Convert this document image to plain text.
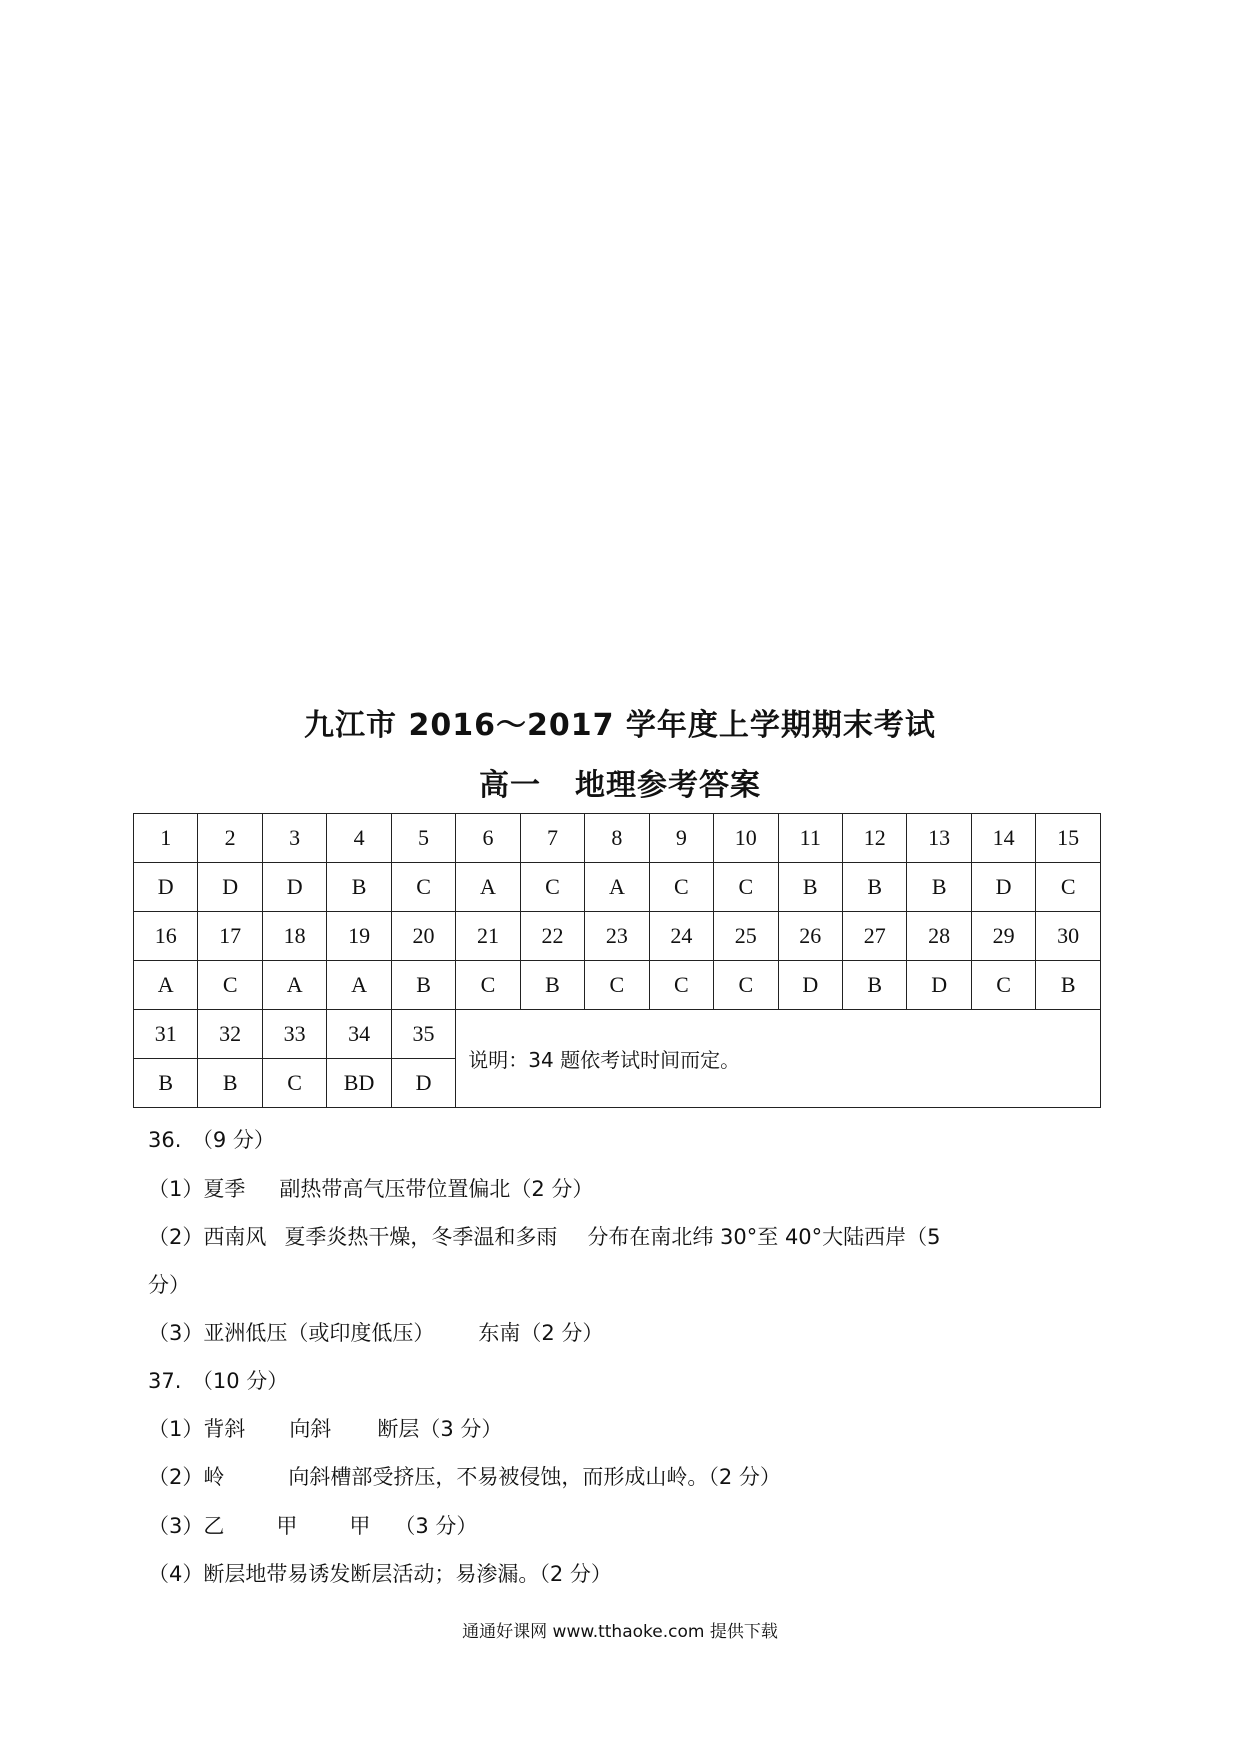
九江市 2016～2017 学年度上学期期末考试
高一 地理参考答案
1	2	3	4	5	6	7	8	9	10	11	12	13	14	15
D	D	D	B	C	A	C	A	C	C	B	B	B	D	C
16	17	18	19	20	21	22	23	24	25	26	27	28	29	30
A	C	A	A	B	C	B	C	C	C	D	B	D	C	B
31	32	33	34	35	说明：34 题依考试时间而定。									
B	B	C	BD	D										
36.　（9 分）
（1）夏季 副热带高气压带位置偏北（2 分）
（2）西南风 夏季炎热干燥，冬季温和多雨 分布在南北纬 30°至 40°大陆西岸（5
分）
（3）亚洲低压（或印度低压） 东南（2 分）
37.　（10 分）
（1）背斜 向斜 断层（3 分）
（2）岭	向斜槽部受挤压，不易被侵蚀，而形成山岭。（2 分）
（3）乙 甲 甲 （3 分）
（4）断层地带易诱发断层活动；易渗漏。（2 分）
通通好课网 www.tthaoke.com 提供下载
